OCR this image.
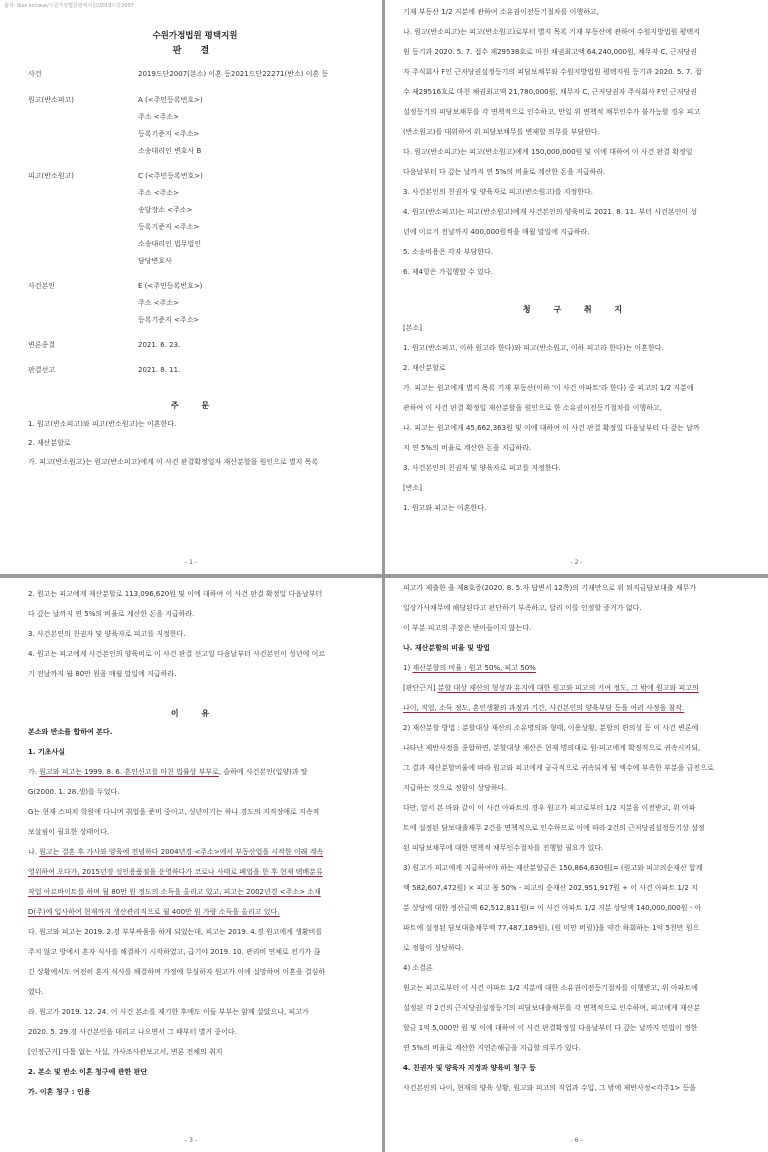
출처: lbox.kr/case/수원가정법원평택지원/2019드단2007
수원가정법원 평택지원
판 결
사건	2019드단2007(본소) 이혼 등2021드단22271(반소) 이혼 등
원고(반소피고)	A (<주민등록번호>)
주소 <주소>
등록기준지 <주소>
소송대리인 변호사 B
피고(반소원고)	C (<주민등록번호>)
주소 <주소>
송달장소 <주소>
등록기준지 <주소>
소송대리인 법무법인
담당변호사
사건본인	E (<주민등록번호>)
주소 <주소>
등록기준지 <주소>
변론종결	2021. 6. 23.
판결선고	2021. 8. 11.
주 문
1. 원고(반소피고)와 피고(반소원고)는 이혼한다.
2. 재산분할로
가. 피고(반소원고)는 원고(반소피고)에게 이 사건 판결확정일자 재산분할을 원인으로 별지 목록
- 1 -
기재 부동산 1/2 지분에 관하여 소유권이전등기절차를 이행하고,
나. 원고(반소피고)는 피고(반소원고)로부터 별지 목록 기재 부동산에 관하여 수원지방법원 평택지
원 등기과 2020. 5. 7. 접수 제29538호로 마친 채권최고액 64,240,000원, 채무자 C, 근저당권
자 주식회사 F인 근저당권설정등기의 피담보채무와 수원지방법원 평택지원 등기과 2020. 5. 7. 접
수 제29516호로 마친 채권최고액 21,780,000원, 채무자 C, 근저당권자 주식회사 F인 근저당권
설정등기의 피담보채무를 각 면책적으로 인수하고, 만일 위 면책적 채무인수가 불가능할 경우 피고
(반소원고)를 대위하여 위 피담보채무를 변제할 의무를 부담한다.
다. 원고(반소피고)는 피고(반소원고)에게 150,000,000원 및 이에 대하여 이 사건 판결 확정일
다음날부터 다 갚는 날까지 연 5%의 비율로 계산한 돈을 지급하라.
3. 사건본인의 친권자 및 양육자로 피고(반소원고)를 지정한다.
4. 원고(반소피고)는 피고(반소원고)에게 사건본인의 양육비로 2021. 8. 11. 부터 사건본인이 성
년에 이르기 전날까지 400,000원씩을 매월 말일에 지급하라.
5. 소송비용은 각자 부담한다.
6. 제4항은 가집행할 수 있다.
청 구 취 지
[본소]
1. 원고(반소피고, 이하 원고라 한다)와 피고(반소원고, 이하 피고라 한다)는 이혼한다.
2. 재산분할로
가. 피고는 원고에게 별지 목록 기재 부동산(이하 '이 사건 아파트'라 한다) 중 피고의 1/2 지분에
관하여 이 사건 판결 확정일 재산분할을 원인으로 한 소유권이전등기절차를 이행하고,
나. 피고는 원고에게 45,662,363원 및 이에 대하여 이 사건 판결 확정일 다음날부터 다 갚는 날까
지 연 5%의 비율로 계산한 돈을 지급하라.
3. 사건본인의 친권자 및 양육자로 피고를 지정한다.
[반소]
1. 원고와 피고는 이혼한다.
- 2 -
2. 원고는 피고에게 재산분할로 113,096,620원 및 이에 대하여 이 사건 판결 확정일 다음날부터
다 갚는 날까지 연 5%의 비율로 계산한 돈을 지급하라.
3. 사건본인의 친권자 및 양육자로 피고를 지정한다.
4. 원고는 피고에게 사건본인의 양육비로 이 사건 판결 선고일 다음날부터 사건본인이 성년에 이르
기 전날까지 월 80만 원을 매월 말일에 지급하라.
이 유
본소와 반소를 합하여 본다.
1. 기초사실
가. 원고와 피고는 1999. 8. 6. 혼인신고를 마친 법률상 부부로, 슬하에 사건본인(입양)과 딸
G(2000. 1. 28.생)를 두었다.
G는 현재 스피치 학원에 다니며 취업을 준비 중이고, 성년이기는 하나 경도의 지적장애로 지속적
보살핌이 필요한 상태이다.
나. 원고는 결혼 후 가사와 양육에 전념하다 2004년경 <주소>에서 부동산업을 시작한 이래 계속
영위하여 오다가, 2015년경 성인용품점을 운영하다가 코로나 사태로 폐업을 한 후 현재 택배분류
작업 아르바이트를 하며 월 80만 원 정도의 소득을 올리고 있고, 피고는 2002년경 <주소> 소재
D(주)에 입사하여 현재까지 생산관리직으로 월 400만 원 가량 소득을 올리고 있다.
다. 원고와 피고는 2019. 2.경 부부싸움을 하게 되었는데, 피고는 2019. 4.경 원고에게 생활비를
주지 않고 방에서 혼자 식사를 해결하기 시작하였고, 급기야 2019. 10. 관리비 연체로 전기가 끊
긴 상황에서도 여전히 혼자 식사를 해결하며 가정에 무심하자 원고가 이에 실망하여 이혼을 결심하
였다.
라. 원고가 2019. 12. 24. 이 사건 본소를 제기한 후에도 이들 부부는 함께 살았으나, 피고가
2020. 5. 29.경 사건본인을 데리고 나오면서 그 때부터 별거 중이다.
[인정근거] 다툼 없는 사실, 가사조사관보고서, 변론 전체의 취지
2. 본소 및 반소 이혼 청구에 관한 판단
가. 이혼 청구 : 인용
- 3 -
피고가 제출한 을 제8호증(2020. 8. 5.자 답변서 12쪽)의 기재만으로 위 퇴직금담보대출 채무가
일상가사채무에 해당된다고 판단하기 부족하고, 달리 이를 인정할 증거가 없다.
이 부분 피고의 주장은 받아들이지 않는다.
나. 재산분할의 비율 및 방법
1) 재산분할의 비율 : 원고 50%, 피고 50%
[판단근거] 분할 대상 재산의 형성과 유지에 대한 원고와 피고의 기여 정도, 그 밖에 원고와 피고의
나이, 직업, 소득 정도, 혼인생활의 과정과 기간, 사건본인의 양육부담 등을 여러 사정을 참작.
2) 재산분할 방법 : 분할대상 재산의 소유명의와 형태, 이용상황, 분할의 편의성 등 이 사건 변론에
나타난 제반사정을 종합하면, 분할대상 재산은 현재 명의대로 원·피고에게 확정적으로 귀속시키되,
그 결과 재산분할비율에 따라 원고와 피고에게 궁극적으로 귀속되게 될 액수에 부족한 부분을 금전으로
지급하는 것으로 정함이 상당하다.
다만, 앞서 본 바와 같이 이 사건 아파트의 경우 원고가 피고로부터 1/2 지분을 이전받고, 위 아파
트에 설정된 담보대출채무 2건을 면책적으로 인수하므로 이에 따라 2건의 근저당권설정등기상 설정
된 피담보채무에 대한 면책적 채무인수절차를 진행할 필요가 있다.
3) 원고가 피고에게 지급하여야 하는 재산분할금은 150,864,630원[= (원고와 피고의순재산 합계
액 582,607,472원) × 피고 몫 50% - 피고의 순재산 202,951,917원 + 이 사건 아파트 1/2 지
분 상당에 대한 정산금액 62,512,811원(= 이 사건 아파트 1/2 지분 상당액 140,000,000원 - 아
파트에 설정된 담보대출채무액 77,487,189원), (원 미만 버림)]을 약간 하회하는 1억 5천만 원으
로 정함이 상당하다.
4) 소결론
원고는 피고로부터 이 사건 아파트 1/2 지분에 대한 소유권이전등기절차를 이행받고, 위 아파트에
설정된 각 2건의 근저당권설정등기의 피담보대출채무를 각 면책적으로 인수하며, 피고에게 재산분
할금 1억 5,000만 원 및 이에 대하여 이 사건 판결확정일 다음날부터 다 갚는 날까지 민법이 정한
연 5%의 비율로 계산한 지연손해금을 지급할 의무가 있다.
4. 친권자 및 양육자 지정과 양육비 청구 등
사건본인의 나이, 현재의 양육 상황, 원고와 피고의 직업과 수입, 그 밖에 제반사정<각주1> 등을
- 6 -
